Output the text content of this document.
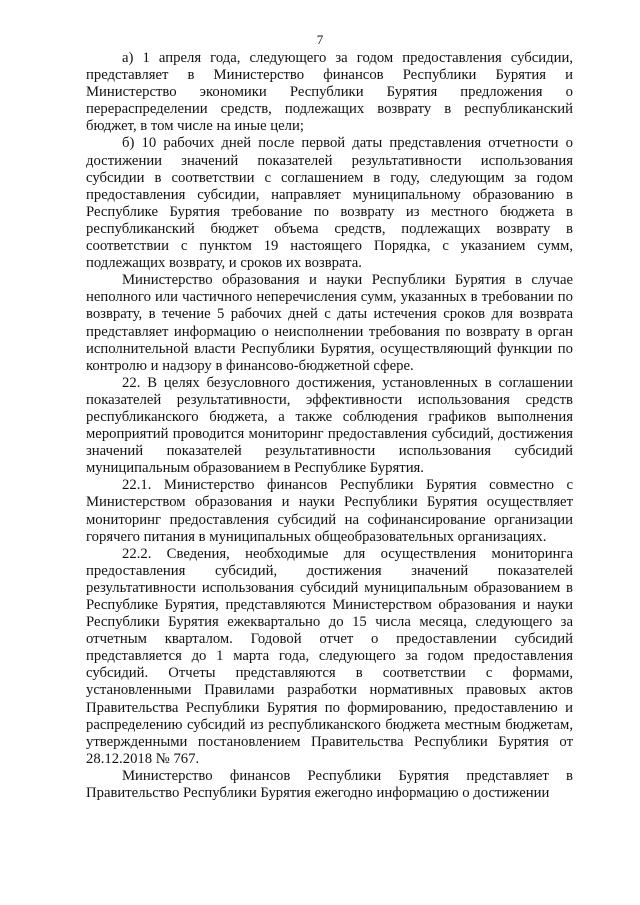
7

а) 1 апреля года, следующего за годом предоставления субсидии, представляет в Министерство финансов Республики Бурятия и Министерство экономики Республики Бурятия предложения о перераспределении средств, подлежащих возврату в республиканский бюджет, в том числе на иные цели;

б) 10 рабочих дней после первой даты представления отчетности о достижении значений показателей результативности использования субсидии в соответствии с соглашением в году, следующим за годом предоставления субсидии, направляет муниципальному образованию в Республике Бурятия требование по возврату из местного бюджета в республиканский бюджет объема средств, подлежащих возврату в соответствии с пунктом 19 настоящего Порядка, с указанием сумм, подлежащих возврату, и сроков их возврата.

Министерство образования и науки Республики Бурятия в случае неполного или частичного неперечисления сумм, указанных в требовании по возврату, в течение 5 рабочих дней с даты истечения сроков для возврата представляет информацию о неисполнении требования по возврату в орган исполнительной власти Республики Бурятия, осуществляющий функции по контролю и надзору в финансово-бюджетной сфере.

22. В целях безусловного достижения, установленных в соглашении показателей результативности, эффективности использования средств республиканского бюджета, а также соблюдения графиков выполнения мероприятий проводится мониторинг предоставления субсидий, достижения значений показателей результативности использования субсидий муниципальным образованием в Республике Бурятия.

22.1. Министерство финансов Республики Бурятия совместно с Министерством образования и науки Республики Бурятия осуществляет мониторинг предоставления субсидий на софинансирование организации горячего питания в муниципальных общеобразовательных организациях.

22.2. Сведения, необходимые для осуществления мониторинга предоставления субсидий, достижения значений показателей результативности использования субсидий муниципальным образованием в Республике Бурятия, представляются Министерством образования и науки Республики Бурятия ежеквартально до 15 числа месяца, следующего за отчетным кварталом. Годовой отчет о предоставлении субсидий представляется до 1 марта года, следующего за годом предоставления субсидий. Отчеты представляются в соответствии с формами, установленными Правилами разработки нормативных правовых актов Правительства Республики Бурятия по формированию, предоставлению и распределению субсидий из республиканского бюджета местным бюджетам, утвержденными постановлением Правительства Республики Бурятия от 28.12.2018 № 767.

Министерство финансов Республики Бурятия представляет в Правительство Республики Бурятия ежегодно информацию о достижении
